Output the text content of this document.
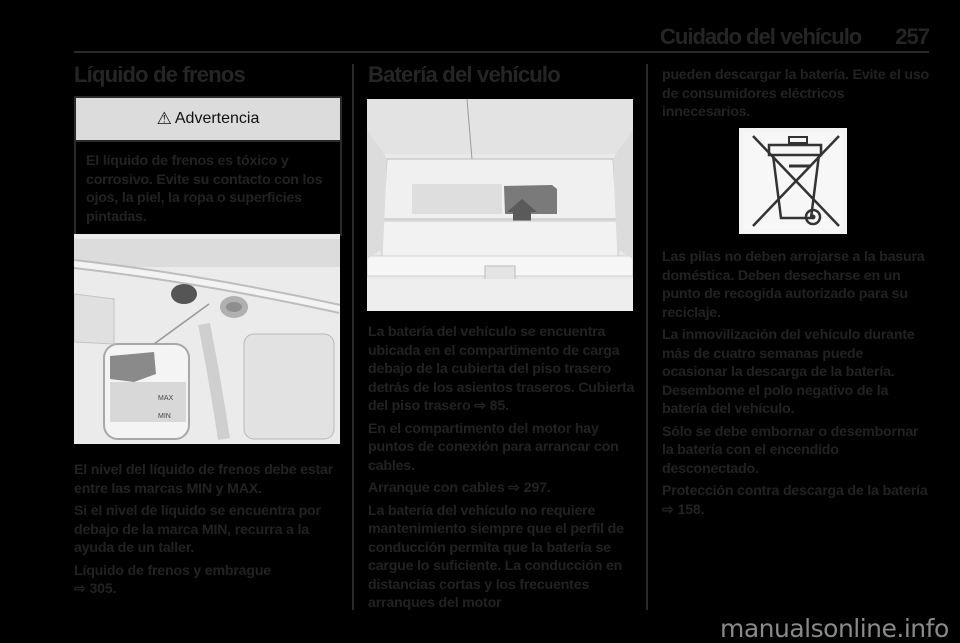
Cuidado del vehículo 257
Líquido de frenos
⚠ Advertencia

El líquido de frenos es tóxico y corrosivo. Evite su contacto con los ojos, la piel, la ropa o superficies pintadas.

MAX
MIN

El nivel del líquido de frenos debe estar entre las marcas MIN y MAX.

Si el nivel de líquido se encuentra por debajo de la marca MIN, recurra a la ayuda de un taller.

Líquido de frenos y embrague
⇨ 305.

Batería del vehículo

La batería del vehículo se encuentra ubicada en el compartimento de carga debajo de la cubierta del piso trasero detrás de los asientos traseros. Cubierta del piso trasero ⇨ 85.

En el compartimento del motor hay puntos de conexión para arrancar con cables.

Arranque con cables ⇨ 297.

La batería del vehículo no requiere mantenimiento siempre que el perfil de conducción permita que la batería se cargue lo suficiente. La conducción en distancias cortas y los frecuentes arranques del motor

pueden descargar la batería. Evite el uso de consumidores eléctricos innecesarios.

Las pilas no deben arrojarse a la basura doméstica. Deben desecharse en un punto de recogida autorizado para su reciclaje.

La inmovilización del vehículo durante más de cuatro semanas puede ocasionar la descarga de la batería. Desembome el polo negativo de la batería del vehículo.

Sólo se debe embornar o desembornar la batería con el encendido desconectado.

Protección contra descarga de la batería ⇨ 158.

manualsonline.info
